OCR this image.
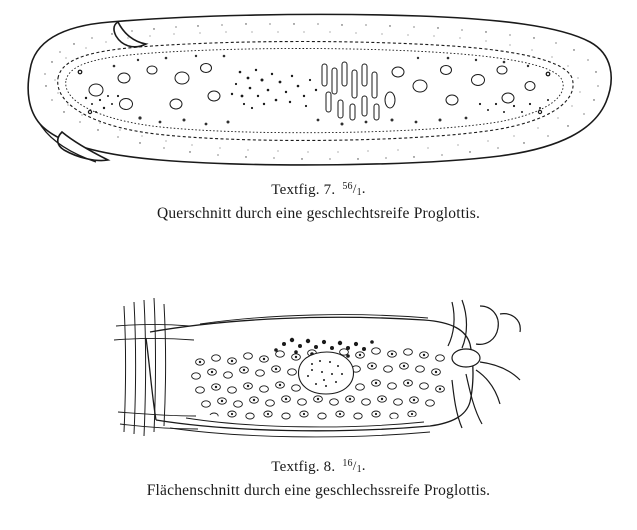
Textfig. 7. $^{56}$/1.
Querschnitt durch eine geschlechtsreife Proglottis.
Textfig. 8. $^{16}$/1.
Flächenschnitt durch eine geschlechssreife Proglottis.
